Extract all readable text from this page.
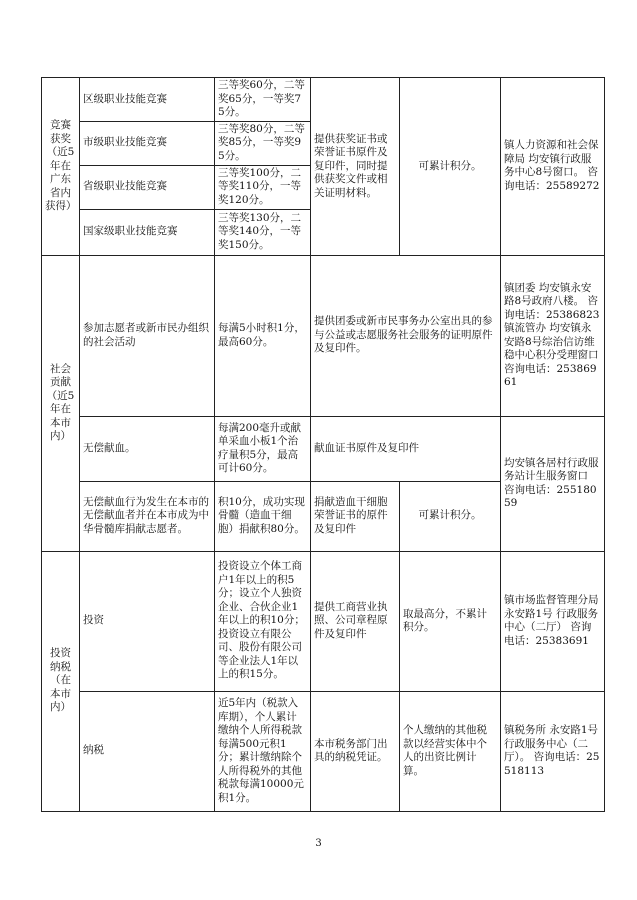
竞赛获奖（近5年在广东省内获得）	区级职业技能竞赛	三等奖60分，二等奖65分，一等奖75分。	提供获奖证书或荣誉证书原件及复印件，同时提供获奖文件或相关证明材料。	可累计积分。	镇人力资源和社会保障局 均安镇行政服务中心8号窗口。 咨询电话：25589272
	市级职业技能竞赛	三等奖80分，二等奖85分，一等奖95分。			
	省级职业技能竞赛	三等奖100分，二等奖110分，一等奖120分。			
	国家级职业技能竞赛	三等奖130分，二等奖140分，一等奖150分。			
社会贡献（近5年在本市内）	参加志愿者或新市民办组织的社会活动	每满5小时积1分，最高60分。	提供团委或新市民事务办公室出具的参与公益或志愿服务社会服务的证明原件及复印件。		镇团委 均安镇永安路8号政府八楼。 咨询电话：25386823 镇流管办 均安镇永安路8号综治信访维稳中心积分受理窗口 咨询电话：25386961
	无偿献血。	每满200毫升或献单采血小板1个治疗量积5分，最高可计60分。	献血证书原件及复印件		均安镇各居村行政服务站计生服务窗口 咨询电话：25518059
	无偿献血行为发生在本市的无偿献血者并在本市成为中华骨髓库捐献志愿者。	积10分，成功实现骨髓（造血干细胞）捐献积80分。	捐献造血干细胞荣誉证书的原件及复印件	可累计积分。	
投资纳税（在本市内）	投资	投资设立个体工商户1年以上的积5分；设立个人独资企业、合伙企业1年以上的积10分；投资设立有限公司、股份有限公司等企业法人1年以上的积15分。	提供工商营业执照、公司章程原件及复印件	取最高分，不累计积分。	镇市场监督管理分局 永安路1号 行政服务中心（二厅） 咨询电话：25383691
	纳税	近5年内（税款入库期），个人累计缴纳个人所得税款每满500元积1分；累计缴纳除个人所得税外的其他税款每满10000元积1分。	本市税务部门出具的纳税凭证。	个人缴纳的其他税款以经营实体中个人的出资比例计算。	镇税务所 永安路1号 行政服务中心（二厅）。 咨询电话：25518113
3
